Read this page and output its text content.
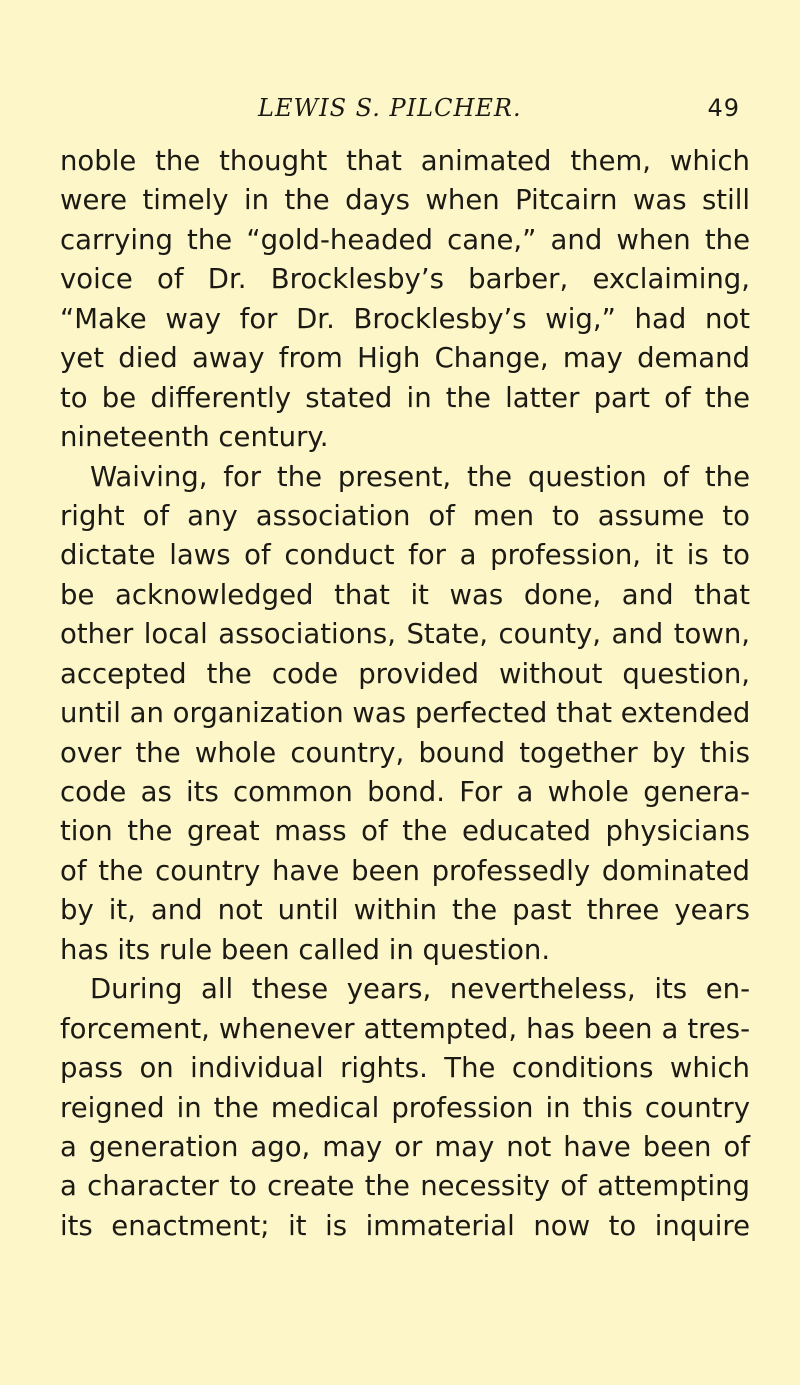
LEWIS S. PILCHER.	49
noble the thought that animated them, which
were timely in the days when Pitcairn was still
carrying the “gold-headed cane,” and when the
voice of Dr. Brocklesby’s barber, exclaiming,
“Make way for Dr. Brocklesby’s wig,” had not
yet died away from High Change, may demand
to be differently stated in the latter part of the
nineteenth century.
Waiving, for the present, the question of the
right of any association of men to assume to
dictate laws of conduct for a profession, it is to
be acknowledged that it was done, and that
other local associations, State, county, and town,
accepted the code provided without question,
until an organization was perfected that extended
over the whole country, bound together by this
code as its common bond. For a whole genera-
tion the great mass of the educated physicians
of the country have been professedly dominated
by it, and not until within the past three years
has its rule been called in question.
During all these years, nevertheless, its en-
forcement, whenever attempted, has been a tres-
pass on individual rights. The conditions which
reigned in the medical profession in this country
a generation ago, may or may not have been of
a character to create the necessity of attempting
its enactment; it is immaterial now to inquire
